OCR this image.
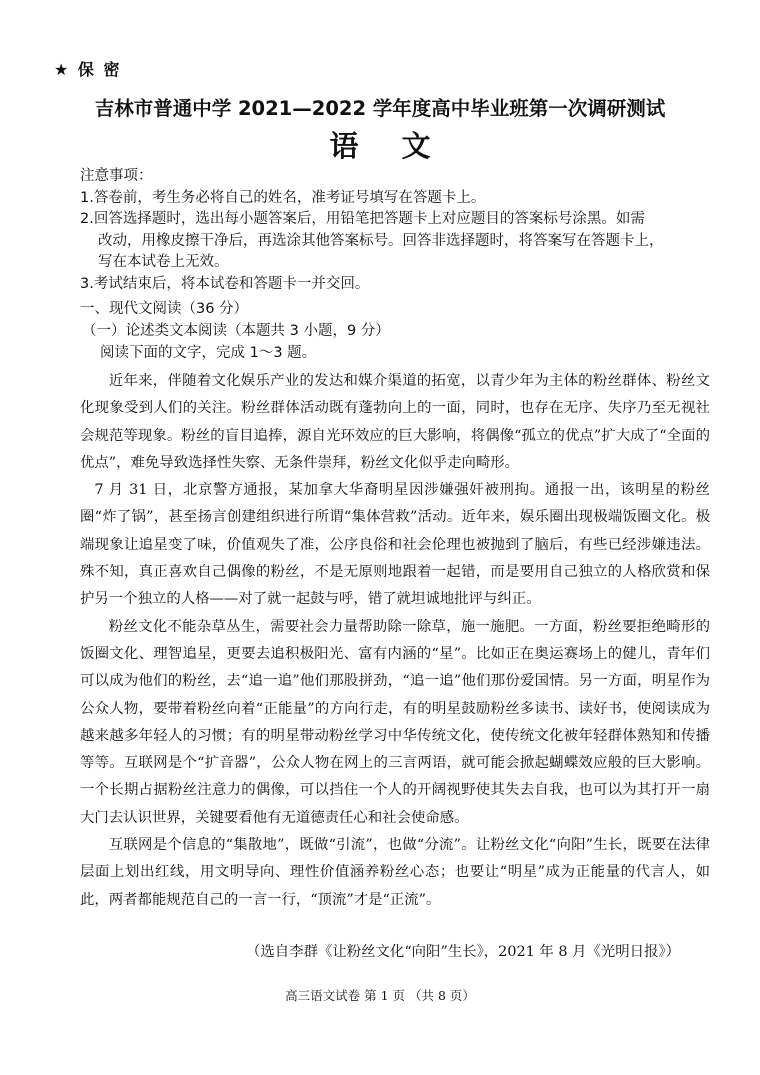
★ 保 密
吉林市普通中学 2021—2022 学年度高中毕业班第一次调研测试
语 文
注意事项：
1.答卷前，考生务必将自己的姓名，准考证号填写在答题卡上。
2.回答选择题时，选出每小题答案后，用铅笔把答题卡上对应题目的答案标号涂黑。如需
改动，用橡皮擦干净后，再选涂其他答案标号。回答非选择题时，将答案写在答题卡上，
写在本试卷上无效。
3.考试结束后，将本试卷和答题卡一并交回。
一、现代文阅读（36 分）
（一）论述类文本阅读（本题共 3 小题，9 分）
阅读下面的文字，完成 1～3 题。

近年来，伴随着文化娱乐产业的发达和媒介渠道的拓宽，以青少年为主体的粉丝群体、粉丝文化现象受到人们的关注。粉丝群体活动既有蓬勃向上的一面，同时，也存在无序、失序乃至无视社会规范等现象。粉丝的盲目追捧，源自光环效应的巨大影响，将偶像“孤立的优点”扩大成了“全面的优点”，难免导致选择性失察、无条件崇拜，粉丝文化似乎走向畸形。

7 月 31 日，北京警方通报，某加拿大华裔明星因涉嫌强奸被刑拘。通报一出，该明星的粉丝圈“炸了锅”，甚至扬言创建组织进行所谓“集体营救”活动。近年来，娱乐圈出现极端饭圈文化。极端现象让追星变了味，价值观失了准，公序良俗和社会伦理也被抛到了脑后，有些已经涉嫌违法。殊不知，真正喜欢自己偶像的粉丝，不是无原则地跟着一起错，而是要用自己独立的人格欣赏和保护另一个独立的人格——对了就一起鼓与呼，错了就坦诚地批评与纠正。

粉丝文化不能杂草丛生，需要社会力量帮助除一除草，施一施肥。一方面，粉丝要拒绝畸形的饭圈文化、理智追星，更要去追积极阳光、富有内涵的“星”。比如正在奥运赛场上的健儿，青年们可以成为他们的粉丝，去“追一追”他们那股拼劲，“追一追”他们那份爱国情。另一方面，明星作为公众人物，要带着粉丝向着“正能量”的方向行走，有的明星鼓励粉丝多读书、读好书，使阅读成为越来越多年轻人的习惯；有的明星带动粉丝学习中华传统文化，使传统文化被年轻群体熟知和传播等等。互联网是个“扩音器”，公众人物在网上的三言两语，就可能会掀起蝴蝶效应般的巨大影响。一个长期占据粉丝注意力的偶像，可以挡住一个人的开阔视野使其失去自我，也可以为其打开一扇大门去认识世界，关键要看他有无道德责任心和社会使命感。

互联网是个信息的“集散地”，既做“引流”，也做“分流”。让粉丝文化“向阳”生长，既要在法律层面上划出红线，用文明导向、理性价值涵养粉丝心态；也要让“明星”成为正能量的代言人，如此，两者都能规范自己的一言一行，“顶流”才是“正流”。

（选自李群《让粉丝文化“向阳”生长》，2021 年 8 月《光明日报》）
高三语文试卷 第 1 页 （共 8 页）
